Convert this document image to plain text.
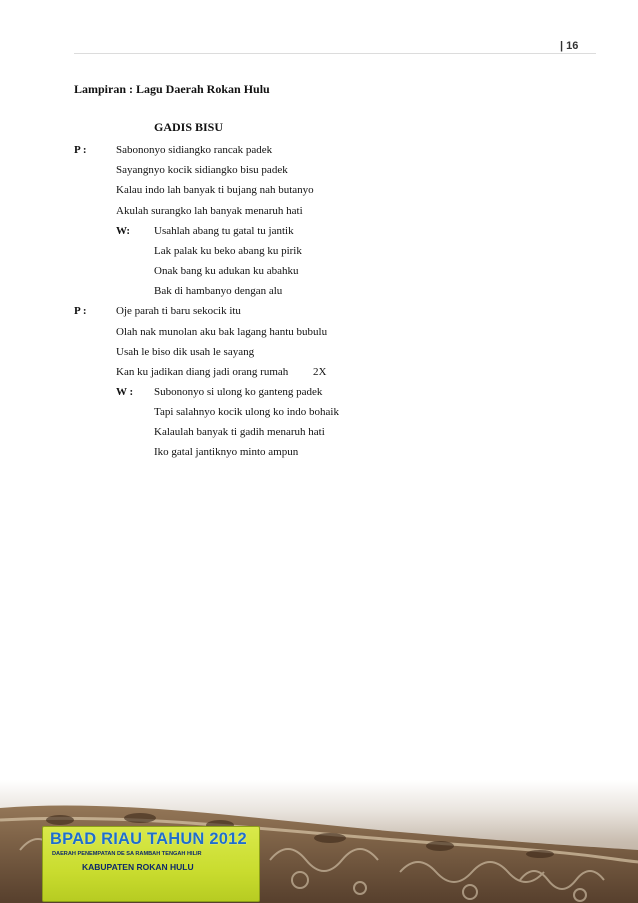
| 16
Lampiran : Lagu Daerah Rokan Hulu
GADIS BISU
P :	Sabononyo sidiangko rancak padek
Sayangnyo kocik sidiangko bisu padek
Kalau indo lah banyak ti bujang nah butanyo
Akulah surangko lah banyak menaruh hati
W: Usahlah abang tu gatal tu jantik
Lak palak ku beko abang ku pirik
Onak bang ku adukan ku abahku
Bak di hambanyo dengan alu
P :	Oje parah ti baru sekocik itu
Olah nak munolan aku bak lagang hantu bubulu
Usah le biso dik usah le sayang
Kan ku jadikan diang jadi orang rumah 2X
W : Subononyo si ulong ko ganteng padek
Tapi salahnyo kocik ulong ko indo bohaik
Kalaulah banyak ti gadih menaruh hati
Iko gatal jantiknyo minto ampun
BPAD RIAU TAHUN 2012
DAERAH PENEMPATAN DE SA RAMBAH TENGAH HILIR
KABUPATEN ROKAN HULU
